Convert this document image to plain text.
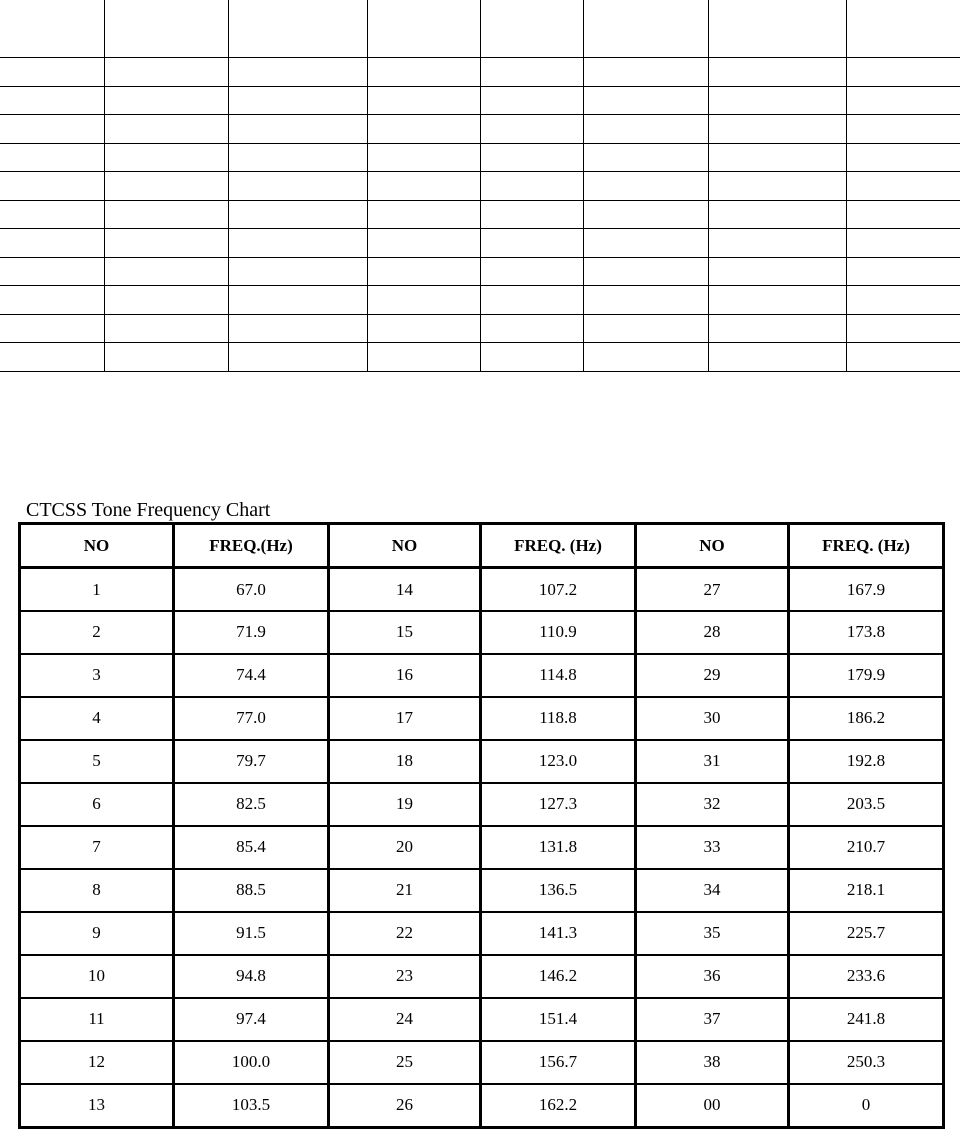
CTCSS Tone Frequency Chart
NO	FREQ.(Hz)	NO	FREQ. (Hz)	NO	FREQ. (Hz)
1	67.0	14	107.2	27	167.9
2	71.9	15	110.9	28	173.8
3	74.4	16	114.8	29	179.9
4	77.0	17	118.8	30	186.2
5	79.7	18	123.0	31	192.8
6	82.5	19	127.3	32	203.5
7	85.4	20	131.8	33	210.7
8	88.5	21	136.5	34	218.1
9	91.5	22	141.3	35	225.7
10	94.8	23	146.2	36	233.6
11	97.4	24	151.4	37	241.8
12	100.0	25	156.7	38	250.3
13	103.5	26	162.2	00	0
